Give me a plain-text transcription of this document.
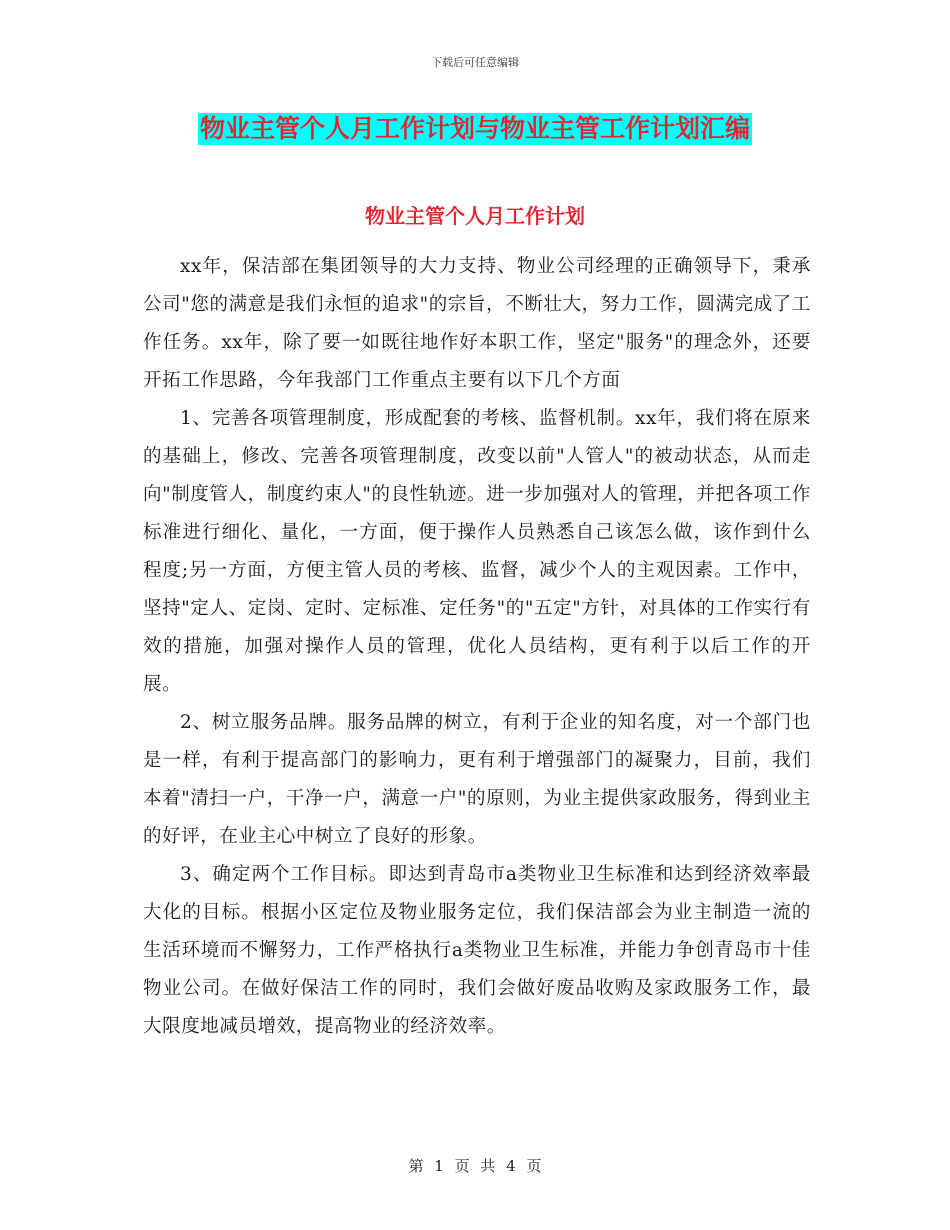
下载后可任意编辑
物业主管个人月工作计划与物业主管工作计划汇编
物业主管个人月工作计划

xx年，保洁部在集团领导的大力支持、物业公司经理的正确领导下，秉承公司"您的满意是我们永恒的追求"的宗旨，不断壮大，努力工作，圆满完成了工作任务。xx年，除了要一如既往地作好本职工作，坚定"服务"的理念外，还要开拓工作思路，今年我部门工作重点主要有以下几个方面

1、完善各项管理制度，形成配套的考核、监督机制。xx年，我们将在原来的基础上，修改、完善各项管理制度，改变以前"人管人"的被动状态，从而走向"制度管人，制度约束人"的良性轨迹。进一步加强对人的管理，并把各项工作标准进行细化、量化，一方面，便于操作人员熟悉自己该怎么做，该作到什么程度;另一方面，方便主管人员的考核、监督，减少个人的主观因素。工作中，坚持"定人、定岗、定时、定标准、定任务"的"五定"方针，对具体的工作实行有效的措施，加强对操作人员的管理，优化人员结构，更有利于以后工作的开展。

2、树立服务品牌。服务品牌的树立，有利于企业的知名度，对一个部门也是一样，有利于提高部门的影响力，更有利于增强部门的凝聚力，目前，我们本着"清扫一户，干净一户，满意一户"的原则，为业主提供家政服务，得到业主的好评，在业主心中树立了良好的形象。

3、确定两个工作目标。即达到青岛市a类物业卫生标准和达到经济效率最大化的目标。根据小区定位及物业服务定位，我们保洁部会为业主制造一流的生活环境而不懈努力，工作严格执行a类物业卫生标准，并能力争创青岛市十佳物业公司。在做好保洁工作的同时，我们会做好废品收购及家政服务工作，最大限度地减员增效，提高物业的经济效率。

第 1 页 共 4 页
